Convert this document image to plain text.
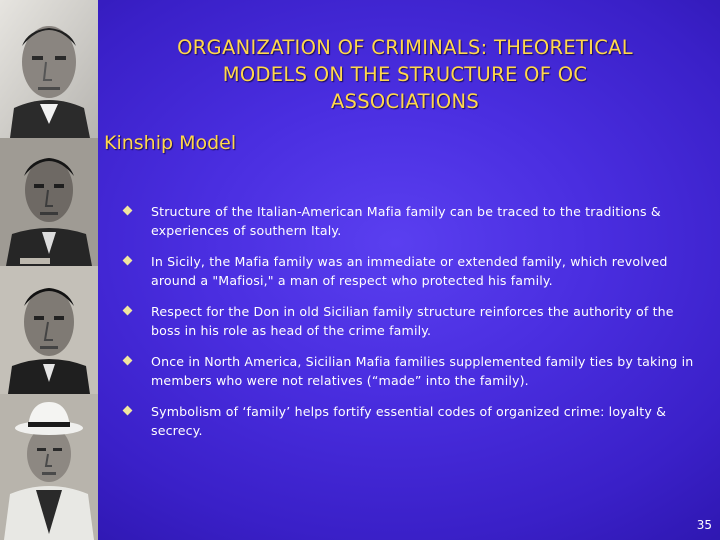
ORGANIZATION OF CRIMINALS: THEORETICAL
MODELS ON THE STRUCTURE OF OC
ASSOCIATIONS
Kinship Model
Structure of the Italian-American Mafia family can be traced to the traditions & experiences of southern Italy.
In Sicily, the Mafia family was an immediate or extended family, which revolved around a "Mafiosi," a man of respect who protected his family.
Respect for the Don in old Sicilian family structure reinforces the authority of the boss in his role as head of the crime family.
Once in North America, Sicilian Mafia families supplemented family ties by taking in members who were not relatives (“made” into the family).
Symbolism of ‘family’ helps fortify essential codes of organized crime: loyalty & secrecy.
35
